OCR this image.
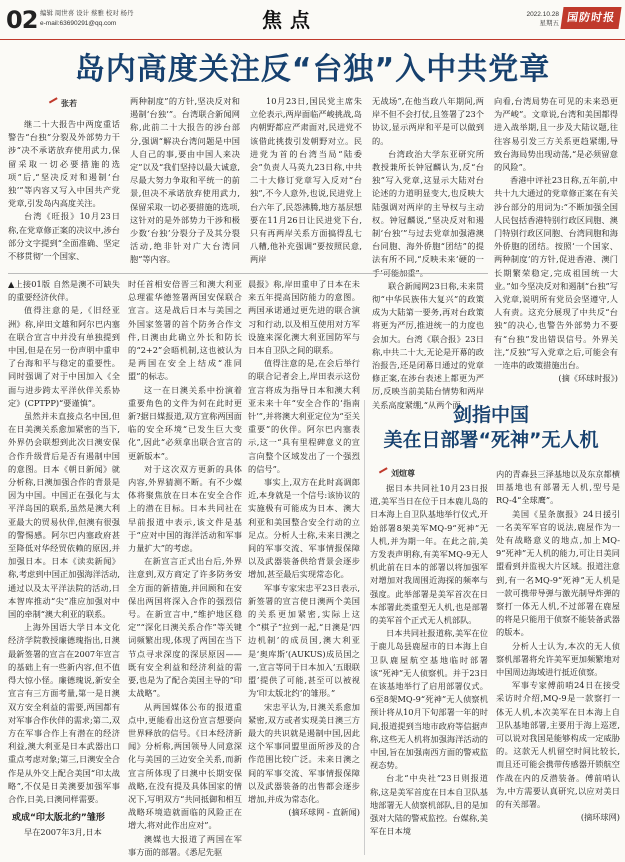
02 编辑 周世喜 设计 蔡雅 校对 杨丹
e-mail:63690291@qq.com	焦点	2022.10.28
星期五 国防时报
岛内高度关注反“台独”入中共党章
张若

继二十大报告中两度重话警告“台独”分裂及外部势力干涉“决不承诺放弃使用武力,保留采取一切必要措施的选项”后,“坚决反对和遏制‘台独’”等内容又写入中国共产党党章,引发岛内高度关注。

台湾《旺报》10月23日称,在党章修正案的决议中,涉台部分文字提到“全面准确、坚定不移贯彻‘一个国家、

两种制度”的方针,坚决反对和遏制‘台独’”。台湾联合新闻网称,此前二十大报告的涉台部分,强调“解决台湾问题是中国人自己的事,要由中国人来决定”以及“我们坚持以最大诚意,尽最大努力争取和平统一的前景,但决不承诺放弃使用武力,保留采取一切必要措施的选项,这针对的是外部势力干涉和极少数‘台独’分裂分子及其分裂活动,绝非针对广大台湾同胞”等内容。

10月23日,国民党主席朱立伦表示,两岸面临严峻挑战,岛内朝野都应严肃面对,民进党不该借此挑拨引发朝野对立。民进党为首的台湾当局“陆委会”负责人马英九23日称,中共二十大修订党章写入反对“台独”,不今人意外,也说,民进党上台六年了,民怨沸腾,地方基层想要在11月26日让民进党下台,只有再两岸关系方面搞得乱七八糟,他补充强调“要按照民意,两岸

无战场”,在他当政八年期间,两岸不但不会打仗,且签署了23个协议,显示两岸和平是可以做到的。

台湾政治大学东亚研究所教授兼所长钟冠麟认为,反“台独”写入党章,这显示大陆对台论述的力道明显变大,也反映大陆强调对两岸的主导权与主动权。钟冠麟说,“坚决反对和遏制‘台独’”与过去党章加强港澳台同胞、海外侨胞“团结”的提法有所不同,“反映未来‘硬的一

联合新闻网23日称,未来贯彻“中华民族伟大复兴”的政策成为大陆第一要务,再对台政策将更为严厉,推进统一的力度也会加大。台湾《联合报》23日称,中共二十大,无论是开幕的政治报告,还是闭幕日通过的党章修正案,在涉台表述上都更为严厉,反映当前美陆台情势和两岸关系高度紧绷,“从两个面

向看,台湾局势在可见的未来恐更为严峻”。文章说,台湾和美国都得进入战举期,且一步及大陆议题,往往容易引发三方关系更趋紧绷,导致台海局势出现动荡,“是必须留意的风险”。

香港中评社23日称,五年前,中共十九大通过的党章修正案在有关涉台部分的用词为:“不断加强全国人民包括香港特别行政区同胞、澳门特别行政区同胞、台湾同胞和海外侨胞的团结。按照‘一个国家、两种制度’的方针,促进香港、澳门长期繁荣稳定,完成祖国统一大业。”如今坚决反对和遏制“台独”写入党章,说明所有党员会坚遵守,人人有责。这充分展现了中共反“台独”的决心,也警告外部势力不要有“台独”发出错误信号。外界关注,“反独”写入党章之后,可能会有一连串的政策措施出台。

(摘《环球时报》)

▲上接01版 自然是澳不可缺失的重要经济伙伴。

值得注意的是,《旧经亚洲》称,岸田文雄和阿尔巴内塞在联合宣言中并没有单独提到中国,但是在另一份声明中重申了台海和平与稳定的重要性。同时强调了对于中国加入《全面与进步跨太平洋伙伴关系协定》(CPTPP)“要谨慎”。

虽然并未直接点名中国,但在日美澳关系愈加紧密的当下,外界仍会联想到此次日澳安保合作升级背后是否有遏制中国的意图。日本《朝日新闻》就分析称,日澳加强合作的背景是因为中国。中国正在强化与太平洋岛国的联系,虽然是澳大利亚最大的贸易伙伴,但澳有很强的警惕感。阿尔巴内塞政府甚至降低对华经贸依赖的原因,并加强日本。日本《读卖新闻》称,考虑到中国正加强海洋活动,通过以及太平洋法院的活动,日本智库推动“尖”准应加强对中国的牵制“澳大利亚的联系。

上海外国语大学日本文化经济学院教授廉德瑰指出,日澳最新签署的宣言在2007年宣言的基础上有一些新内容,但不值得大惊小怪。廉德瑰说,新安全宣言有三方面考量,第一是日澳双方安全利益的需要,两国都有对军事合作伙伴的需求;第二,双方在军事合作上有潜在的经济利益,澳大利亚是日本武器出口重点考虑对象;第三,日澳安全合作是从外交上配合美国“印太战略”,不仅是日美澳要加强军事合作,日美,日澳同样需要。

或成“印太版北约”雏形

早在2007年3月,日本

时任首相安倍晋三和澳大利亚总理霍华德签署两国安保联合宣言。这是战后日本与美国之外国家签署的首个防务合作文件,日澳由此确立外长和防长的“2+2”会晤机制,这也被认为是两国在安全上结成“准同盟”的标志。

这一在日澳关系中扮演着重要角色的文件为何在此时更新?据日媒报道,双方宣称两国面临的安全环境“已发生巨大变化”,因此“必须拿出联合宣言的更新版本”。

对于这次双方更新的具体内容,外界猜测不断。有不少媒体将聚焦放在日本在安全合作上的潜在目标。日本共同社在早前报道中表示,该文件是基于“应对中国的海洋活动和军事力量扩大”的考虑。

在新宣言正式出台后,外界注意到,双方商定了许多防务安全方面的新措施,并回顾和在安保出两国将深入合作的强烈信号。在新宣言中,“维护地区稳定”“深化日澳关系合作”等关键词频繁出现,体现了两国在当下节点寻求深度的深层原因——既有安全利益和经济利益的需要,也是为了配合美国主导的“印太战略”。

从两国媒体公布的报道重点中,更能看出这份宣言想要向世界释放的信号。《日本经济新闻》分析称,两国领导人同意深化与美国的三边安全关系,而新宣言所体现了日澳中长期安保战略,在没有提及具体国家的情况下,写明双方“共同抵御和相互战略环境造就面临的风险正在增大,将对此作出应对”。

澳媒也大报道了两国在军事方面的部署。《悉尼先驱

晨报》称,岸田重申了日本在未来五年提高国防能力的意图。两国承诺通过更先进的联合演习和行动,以及相互使用对方军设施来深化澳大利亚国防军与日本自卫队之间的联系。

值得注意的是,在会后举行的联合记者会上,岸田表示这份宣言将成为指导日本和澳大利亚未来十年“安全合作的‘指南针’”,并将澳大利亚定位为“至关重要”的伙伴。阿尔巴内塞表示,这一“具有里程碑意义的宣言向整个区域发出了一个强烈的信号”。

事实上,双方在此时高调郎近,本身就是一个信号:该协议的实施极有可能成为日本、澳大利亚和美国整合安全行动的立足点。分析人士称,未来日澳之间的军事交流、军事情报保障以及武器装备供给背景会逐步增加,甚至最后实现常态化。

军事专家宋忠平23日表示,新签署的宣言使日澳两个美国的关系更加紧密,实际上这个“棋子”拉到一起,“日澳是‘四边机制’的成员国,澳大利亚是‘奥库斯’(AUKUS)成员国之一,宣言等同于日本加入‘五眼联盟’提供了可能,甚至可以被视为‘印太版北约’的雏形。”

宋忠平认为,日澳关系愈加紧密,双方或者实现美日澳三方最大的共识就是遏制中国,因此这个军事同盟里面所涉及的合作范围比较广泛。未来日澳之间的军事交流、军事情报保障以及武器装备的出售都会逐步增加,并成为常态化。

(摘环球网 - 直新闻)

剑指中国
美在日部署“死神”无人机
刘煊尊

据日本共同社10月23日报道,美军当日在位于日本鹿儿岛的日本海上自卫队基地举行仪式,开始部署8架美军MQ-9“死神”无人机,并为期一年。在此之前,美方发表声明称,有美军MQ-9无人机此前在日本的部署以将加强军对增加对我周围近海探的频率与强度。此举部署是美军首次在日本部署此类重型无人机,也是部署的美军首个正式无人机部队。

日本共同社报道称,美军在位于鹿儿岛县鹿屋市的日本海上自卫队鹿屋航空基地临时部署该“死神”无人侦察机。并于23日在该基地举行了启用部署仪式。6至8架MQ-9“死神”无人侦察机预计将从10月下旬部署一年的时间,报道提到当地市政府等信据声称,这些无人机将加强海洋活动的中国,旨在加强南西方面的警戒监视态势。

台北“中央社”23日则报道称,这是美军首度在日本自卫队基地部署无人侦察机部队,目的是加强对大陆的警戒监控。台媒称,美军在日本境

内的青森县三泽基地以及东京都横田基地也有部署无人机,型号是RQ-4“全球鹰”。

美国《星条旗报》24日援引一名美军军官的说法,鹿屋作为一处有战略意义的地点,加上MQ-9“死神”无人机的能力,可让日美同盟看到并监视大片区域。报道注意到,有一名MQ-9“死神”无人机是一款可携带导弹与激光制导炸弹的察打一体无人机,不过部署在鹿屋的将是只能用于侦察不能装备武器的版本。

分析人士认为,本次的无人侦察机部署将允许美军更加频繁地对中国周边海域进行抵近侦察。

军事专家傅前哨24日在接受采访时介绍,MQ-9是一款察打一体无人机,本次美军在日本海上自卫队基地部署,主要用于海上巡逻,可以说对我国是能够构成一定威胁的。这款无人机留空时间比较长,而且还可能会携带传感器开锁航空作战在内的反潜装备。傅前哨认为,中方需要认真研究,以应对美日的有关部署。

(摘环球网)
